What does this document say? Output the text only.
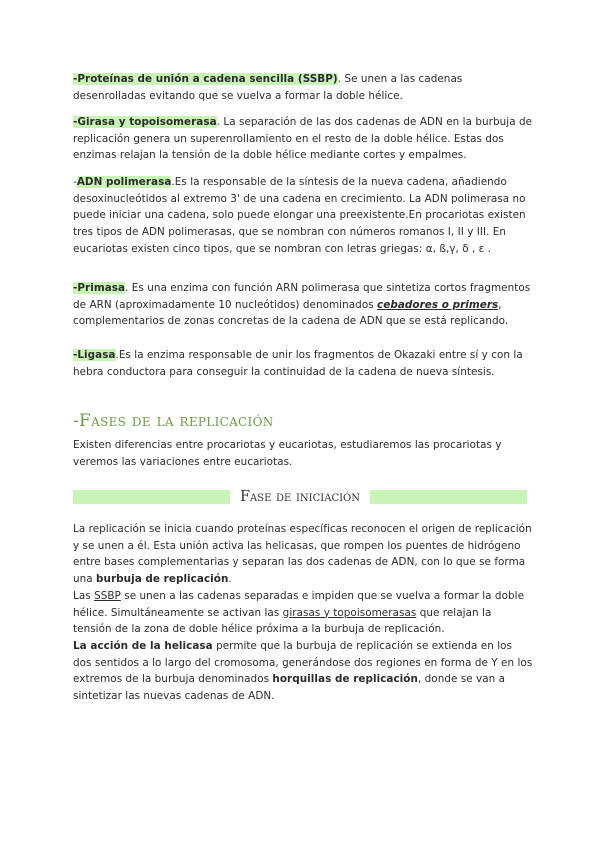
-Proteínas de unión a cadena sencilla (SSBP). Se unen a las cadenas desenrolladas evitando que se vuelva a formar la doble hélice.

-Girasa y topoisomerasa. La separación de las dos cadenas de ADN en la burbuja de replicación genera un superenrollamiento en el resto de la doble hélice. Estas dos enzimas relajan la tensión de la doble hélice mediante cortes y empalmes.

-ADN polimerasa.Es la responsable de la síntesis de la nueva cadena, añadiendo desoxinucleótidos al extremo 3' de una cadena en crecimiento. La ADN polimerasa no puede iniciar una cadena, solo puede elongar una preexistente.En procariotas existen tres tipos de ADN polimerasas, que se nombran con números romanos I, II y III. En eucariotas existen cinco tipos, que se nombran con letras griegas: α, ß,γ, δ , ε .

-Primasa. Es una enzima con función ARN polimerasa que sintetiza cortos fragmentos de ARN (aproximadamente 10 nucleótidos) denominados cebadores o primers, complementarios de zonas concretas de la cadena de ADN que se está replicando.

-Ligasa.Es la enzima responsable de unir los fragmentos de Okazaki entre sí y con la hebra conductora para conseguir la continuidad de la cadena de nueva síntesis.

-Fases de la replicación

Existen diferencias entre procariotas y eucariotas, estudiaremos las procariotas y veremos las variaciones entre eucariotas.

Fase de iniciación

La replicación se inicia cuando proteínas específicas reconocen el origen de replicación y se unen a él. Esta unión activa las helicasas, que rompen los puentes de hidrógeno entre bases complementarias y separan las dos cadenas de ADN, con lo que se forma una burbuja de replicación.

Las SSBP se unen a las cadenas separadas e impiden que se vuelva a formar la doble hélice. Simultáneamente se activan las girasas y topoisomerasas que relajan la tensión de la zona de doble hélice próxima a la burbuja de replicación.

La acción de la helicasa permite que la burbuja de replicación se extienda en los dos sentidos a lo largo del cromosoma, generándose dos regiones en forma de Y en los extremos de la burbuja denominados horquillas de replicación, donde se van a sintetizar las nuevas cadenas de ADN.
